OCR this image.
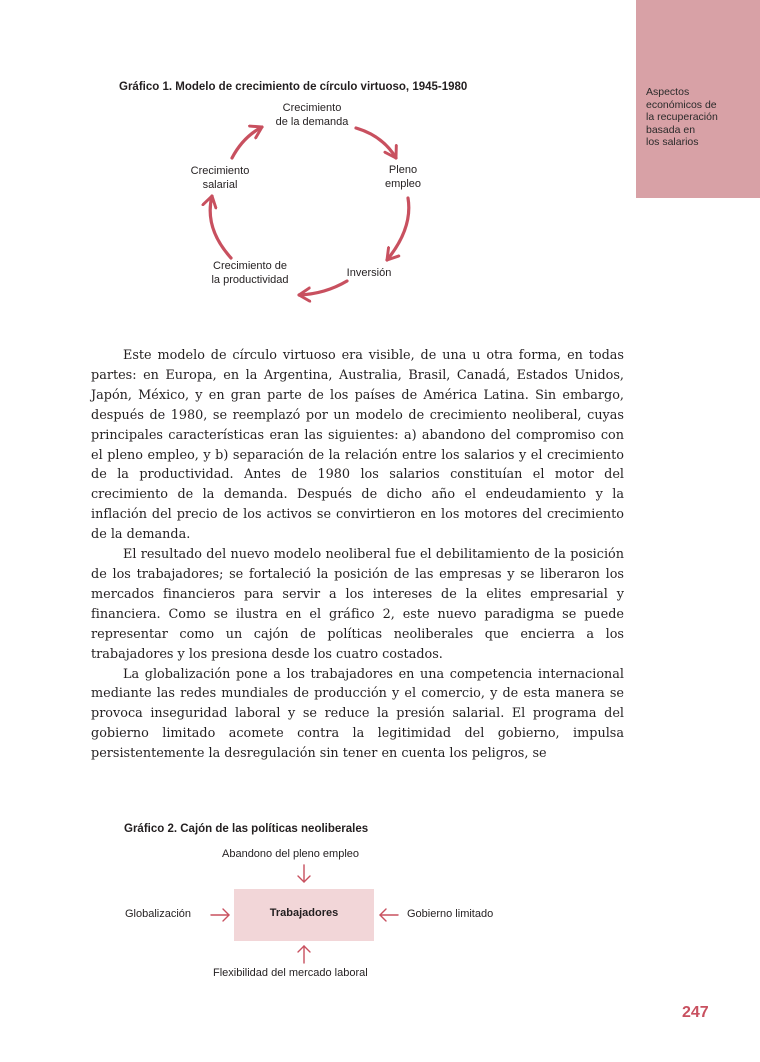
Aspectos
económicos de
la recuperación
basada en
los salarios
Gráfico 1. Modelo de crecimiento de círculo virtuoso, 1945-1980
Crecimiento
de la demanda
Pleno
empleo
Inversión
Crecimiento de
la productividad
Crecimiento
salarial

Este modelo de círculo virtuoso era visible, de una u otra forma, en todas partes: en Europa, en la Argentina, Australia, Brasil, Canadá, Estados Unidos, Japón, México, y en gran parte de los países de América Latina. Sin embargo, después de 1980, se reemplazó por un modelo de crecimiento neoliberal, cuyas principales características eran las siguientes: a) abandono del compromiso con el pleno empleo, y b) separación de la relación entre los salarios y el crecimiento de la productividad. Antes de 1980 los salarios constituían el motor del crecimiento de la demanda. Después de dicho año el endeudamiento y la inflación del precio de los activos se convirtieron en los motores del crecimiento de la demanda.

El resultado del nuevo modelo neoliberal fue el debilitamiento de la posición de los trabajadores; se fortaleció la posición de las empresas y se liberaron los mercados financieros para servir a los intereses de la elites empresarial y financiera. Como se ilustra en el gráfico 2, este nuevo paradigma se puede representar como un cajón de políticas neoliberales que encierra a los trabajadores y los presiona desde los cuatro costados.

La globalización pone a los trabajadores en una competencia internacional mediante las redes mundiales de producción y el comercio, y de esta manera se provoca inseguridad laboral y se reduce la presión salarial. El programa del gobierno limitado acomete contra la legitimidad del gobierno, impulsa persistentemente la desregulación sin tener en cuenta los peligros, se

Gráfico 2. Cajón de las políticas neoliberales
Abandono del pleno empleo
Globalización	Gobierno limitado
Flexibilidad del mercado laboral
Trabajadores
247
